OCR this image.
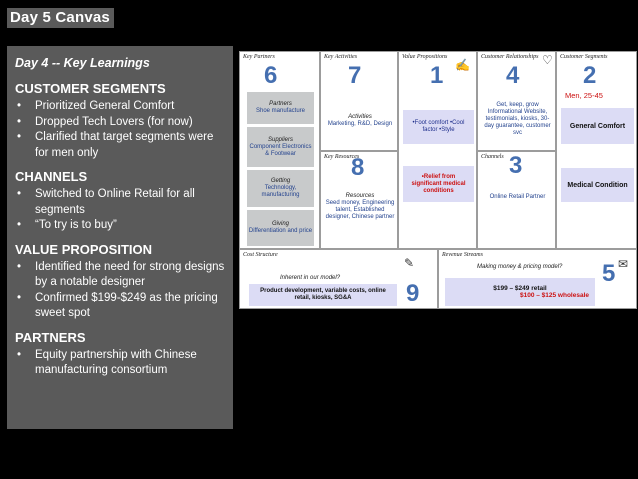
Day 5 Canvas
Day 4 -- Key Learnings
CUSTOMER SEGMENTS
• Prioritized General Comfort
• Dropped Tech Lovers (for now)
• Clarified that target segments were for men only
CHANNELS
• Switched to Online Retail for all segments
• “To try is to buy”
VALUE PROPOSITION
• Identified the need for strong designs by a notable designer
• Confirmed $199-$249 as the pricing sweet spot
PARTNERS
• Equity partnership with Chinese manufacturing consortium
Key Partners
6
Partners
Shoe manufacture
Suppliers
Component Electronics & Footwear
Getting
Technology, manufacturing
Giving
Differentiation and price
Key Activities
7
Activities
Marketing, R&D, Design
Key Resources
8
Resources
Seed money, Engineering talent, Established designer, Chinese partner
Value Propositions
✍
1
•Foot comfort •Cool factor •Style
•Relief from significant medical conditions
Customer Relationships ♡
4
Get, keep, grow Informational Website, testimonials, kiosks, 30-day guarantee, customer svc
Channels 3
Online Retail Partner
Customer Segments
2
Men, 25-45
General Comfort
Medical Condition
Cost Structure
✎
9
Inherent in our model?
Product development, variable costs, online retail, kiosks, SG&A
Revenue Streams
5 ✉
Making money & pricing model?
$199 – $249 retail
$100 – $125 wholesale
